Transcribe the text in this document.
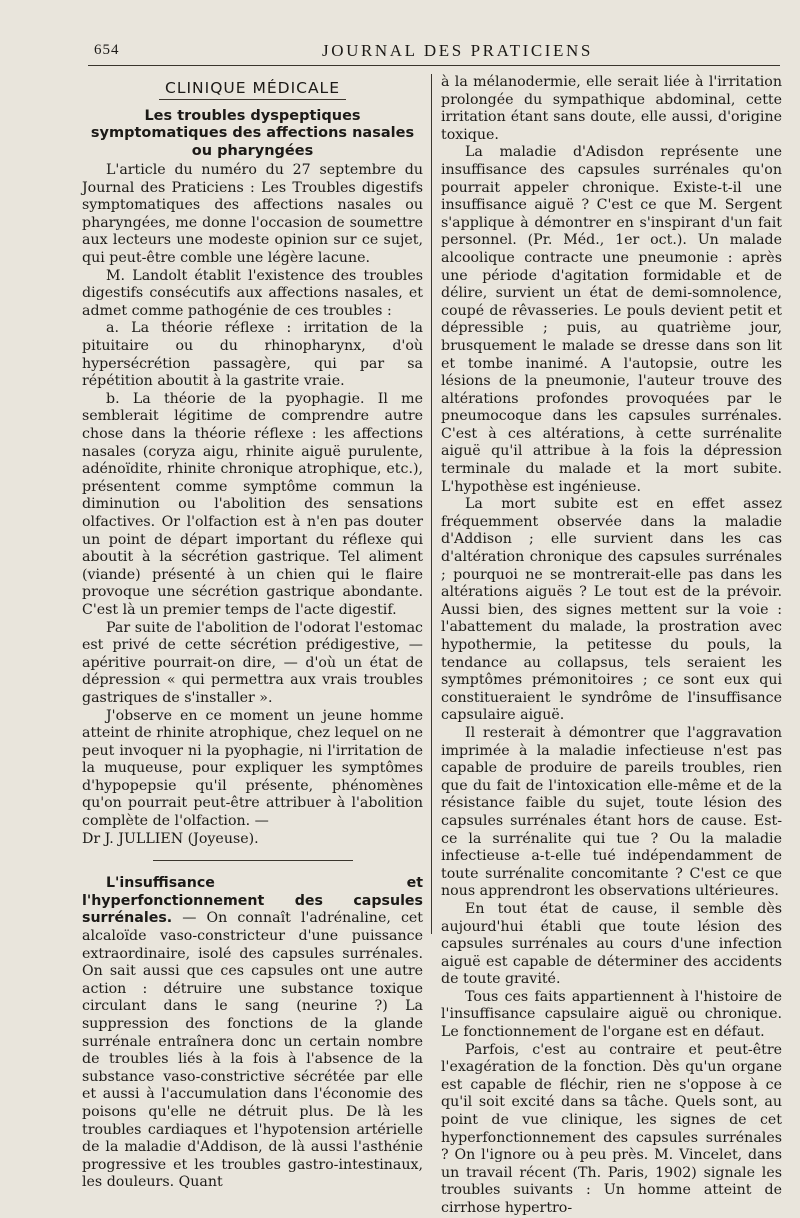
654	JOURNAL DES PRATICIENS
CLINIQUE MÉDICALE
Les troubles dyspeptiques symptomatiques des affections nasales ou pharyngées

L'article du numéro du 27 septembre du Journal des Praticiens : Les Troubles digestifs symptomatiques des affections nasales ou pharyngées, me donne l'occasion de soumettre aux lecteurs une modeste opinion sur ce sujet, qui peut-être comble une légère lacune.

M. Landolt établit l'existence des troubles digestifs consécutifs aux affections nasales, et admet comme pathogénie de ces troubles :

a. La théorie réflexe : irritation de la pituitaire ou du rhinopharynx, d'où hypersécrétion passagère, qui par sa répétition aboutit à la gastrite vraie.

b. La théorie de la pyophagie. Il me semblerait légitime de comprendre autre chose dans la théorie réflexe : les affections nasales (coryza aigu, rhinite aiguë purulente, adénoïdite, rhinite chronique atrophique, etc.), présentent comme symptôme commun la diminution ou l'abolition des sensations olfactives. Or l'olfaction est à n'en pas douter un point de départ important du réflexe qui aboutit à la sécrétion gastrique. Tel aliment (viande) présenté à un chien qui le flaire provoque une sécrétion gastrique abondante. C'est là un premier temps de l'acte digestif.

Par suite de l'abolition de l'odorat l'estomac est privé de cette sécrétion prédigestive, — apéritive pourrait-on dire, — d'où un état de dépression « qui permettra aux vrais troubles gastriques de s'installer ».

J'observe en ce moment un jeune homme atteint de rhinite atrophique, chez lequel on ne peut invoquer ni la pyophagie, ni l'irritation de la muqueuse, pour expliquer les symptômes d'hypopepsie qu'il présente, phénomènes qu'on pourrait peut-être attribuer à l'abolition complète de l'olfaction. —

Dr J. JULLIEN (Joyeuse).

L'insuffisance et l'hyperfonctionnement des capsules surrénales. — On connaît l'adrénaline, cet alcaloïde vaso-constricteur d'une puissance extraordinaire, isolé des capsules surrénales. On sait aussi que ces capsules ont une autre action : détruire une substance toxique circulant dans le sang (neurine ?) La suppression des fonctions de la glande surrénale entraînera donc un certain nombre de troubles liés à la fois à l'absence de la substance vaso-constrictive sécrétée par elle et aussi à l'accumulation dans l'économie des poisons qu'elle ne détruit plus. De là les troubles cardiaques et l'hypotension artérielle de la maladie d'Addison, de là aussi l'asthénie progressive et les troubles gastro-intestinaux, les douleurs. Quant

à la mélanodermie, elle serait liée à l'irritation prolongée du sympathique abdominal, cette irritation étant sans doute, elle aussi, d'origine toxique.

La maladie d'Adisdon représente une insuffisance des capsules surrénales qu'on pourrait appeler chronique. Existe-t-il une insuffisance aiguë ? C'est ce que M. Sergent s'applique à démontrer en s'inspirant d'un fait personnel. (Pr. Méd., 1er oct.). Un malade alcoolique contracte une pneumonie : après une période d'agitation formidable et de délire, survient un état de demi-somnolence, coupé de rêvasseries. Le pouls devient petit et dépressible ; puis, au quatrième jour, brusquement le malade se dresse dans son lit et tombe inanimé. A l'autopsie, outre les lésions de la pneumonie, l'auteur trouve des altérations profondes provoquées par le pneumocoque dans les capsules surrénales. C'est à ces altérations, à cette surrénalite aiguë qu'il attribue à la fois la dépression terminale du malade et la mort subite. L'hypothèse est ingénieuse.

La mort subite est en effet assez fréquemment observée dans la maladie d'Addison ; elle survient dans les cas d'altération chronique des capsules surrénales ; pourquoi ne se montrerait-elle pas dans les altérations aiguës ? Le tout est de la prévoir. Aussi bien, des signes mettent sur la voie : l'abattement du malade, la prostration avec hypothermie, la petitesse du pouls, la tendance au collapsus, tels seraient les symptômes prémonitoires ; ce sont eux qui constitueraient le syndrôme de l'insuffisance capsulaire aiguë.

Il resterait à démontrer que l'aggravation imprimée à la maladie infectieuse n'est pas capable de produire de pareils troubles, rien que du fait de l'intoxication elle-même et de la résistance faible du sujet, toute lésion des capsules surrénales étant hors de cause. Est-ce la surrénalite qui tue ? Ou la maladie infectieuse a-t-elle tué indépendamment de toute surrénalite concomitante ? C'est ce que nous apprendront les observations ultérieures.

En tout état de cause, il semble dès aujourd'hui établi que toute lésion des capsules surrénales au cours d'une infection aiguë est capable de déterminer des accidents de toute gravité.

Tous ces faits appartiennent à l'histoire de l'insuffisance capsulaire aiguë ou chronique. Le fonctionnement de l'organe est en défaut.

Parfois, c'est au contraire et peut-être l'exagération de la fonction. Dès qu'un organe est capable de fléchir, rien ne s'oppose à ce qu'il soit excité dans sa tâche. Quels sont, au point de vue clinique, les signes de cet hyperfonctionnement des capsules surrénales ? On l'ignore ou à peu près. M. Vincelet, dans un travail récent (Th. Paris, 1902) signale les troubles suivants : Un homme atteint de cirrhose hypertro-
